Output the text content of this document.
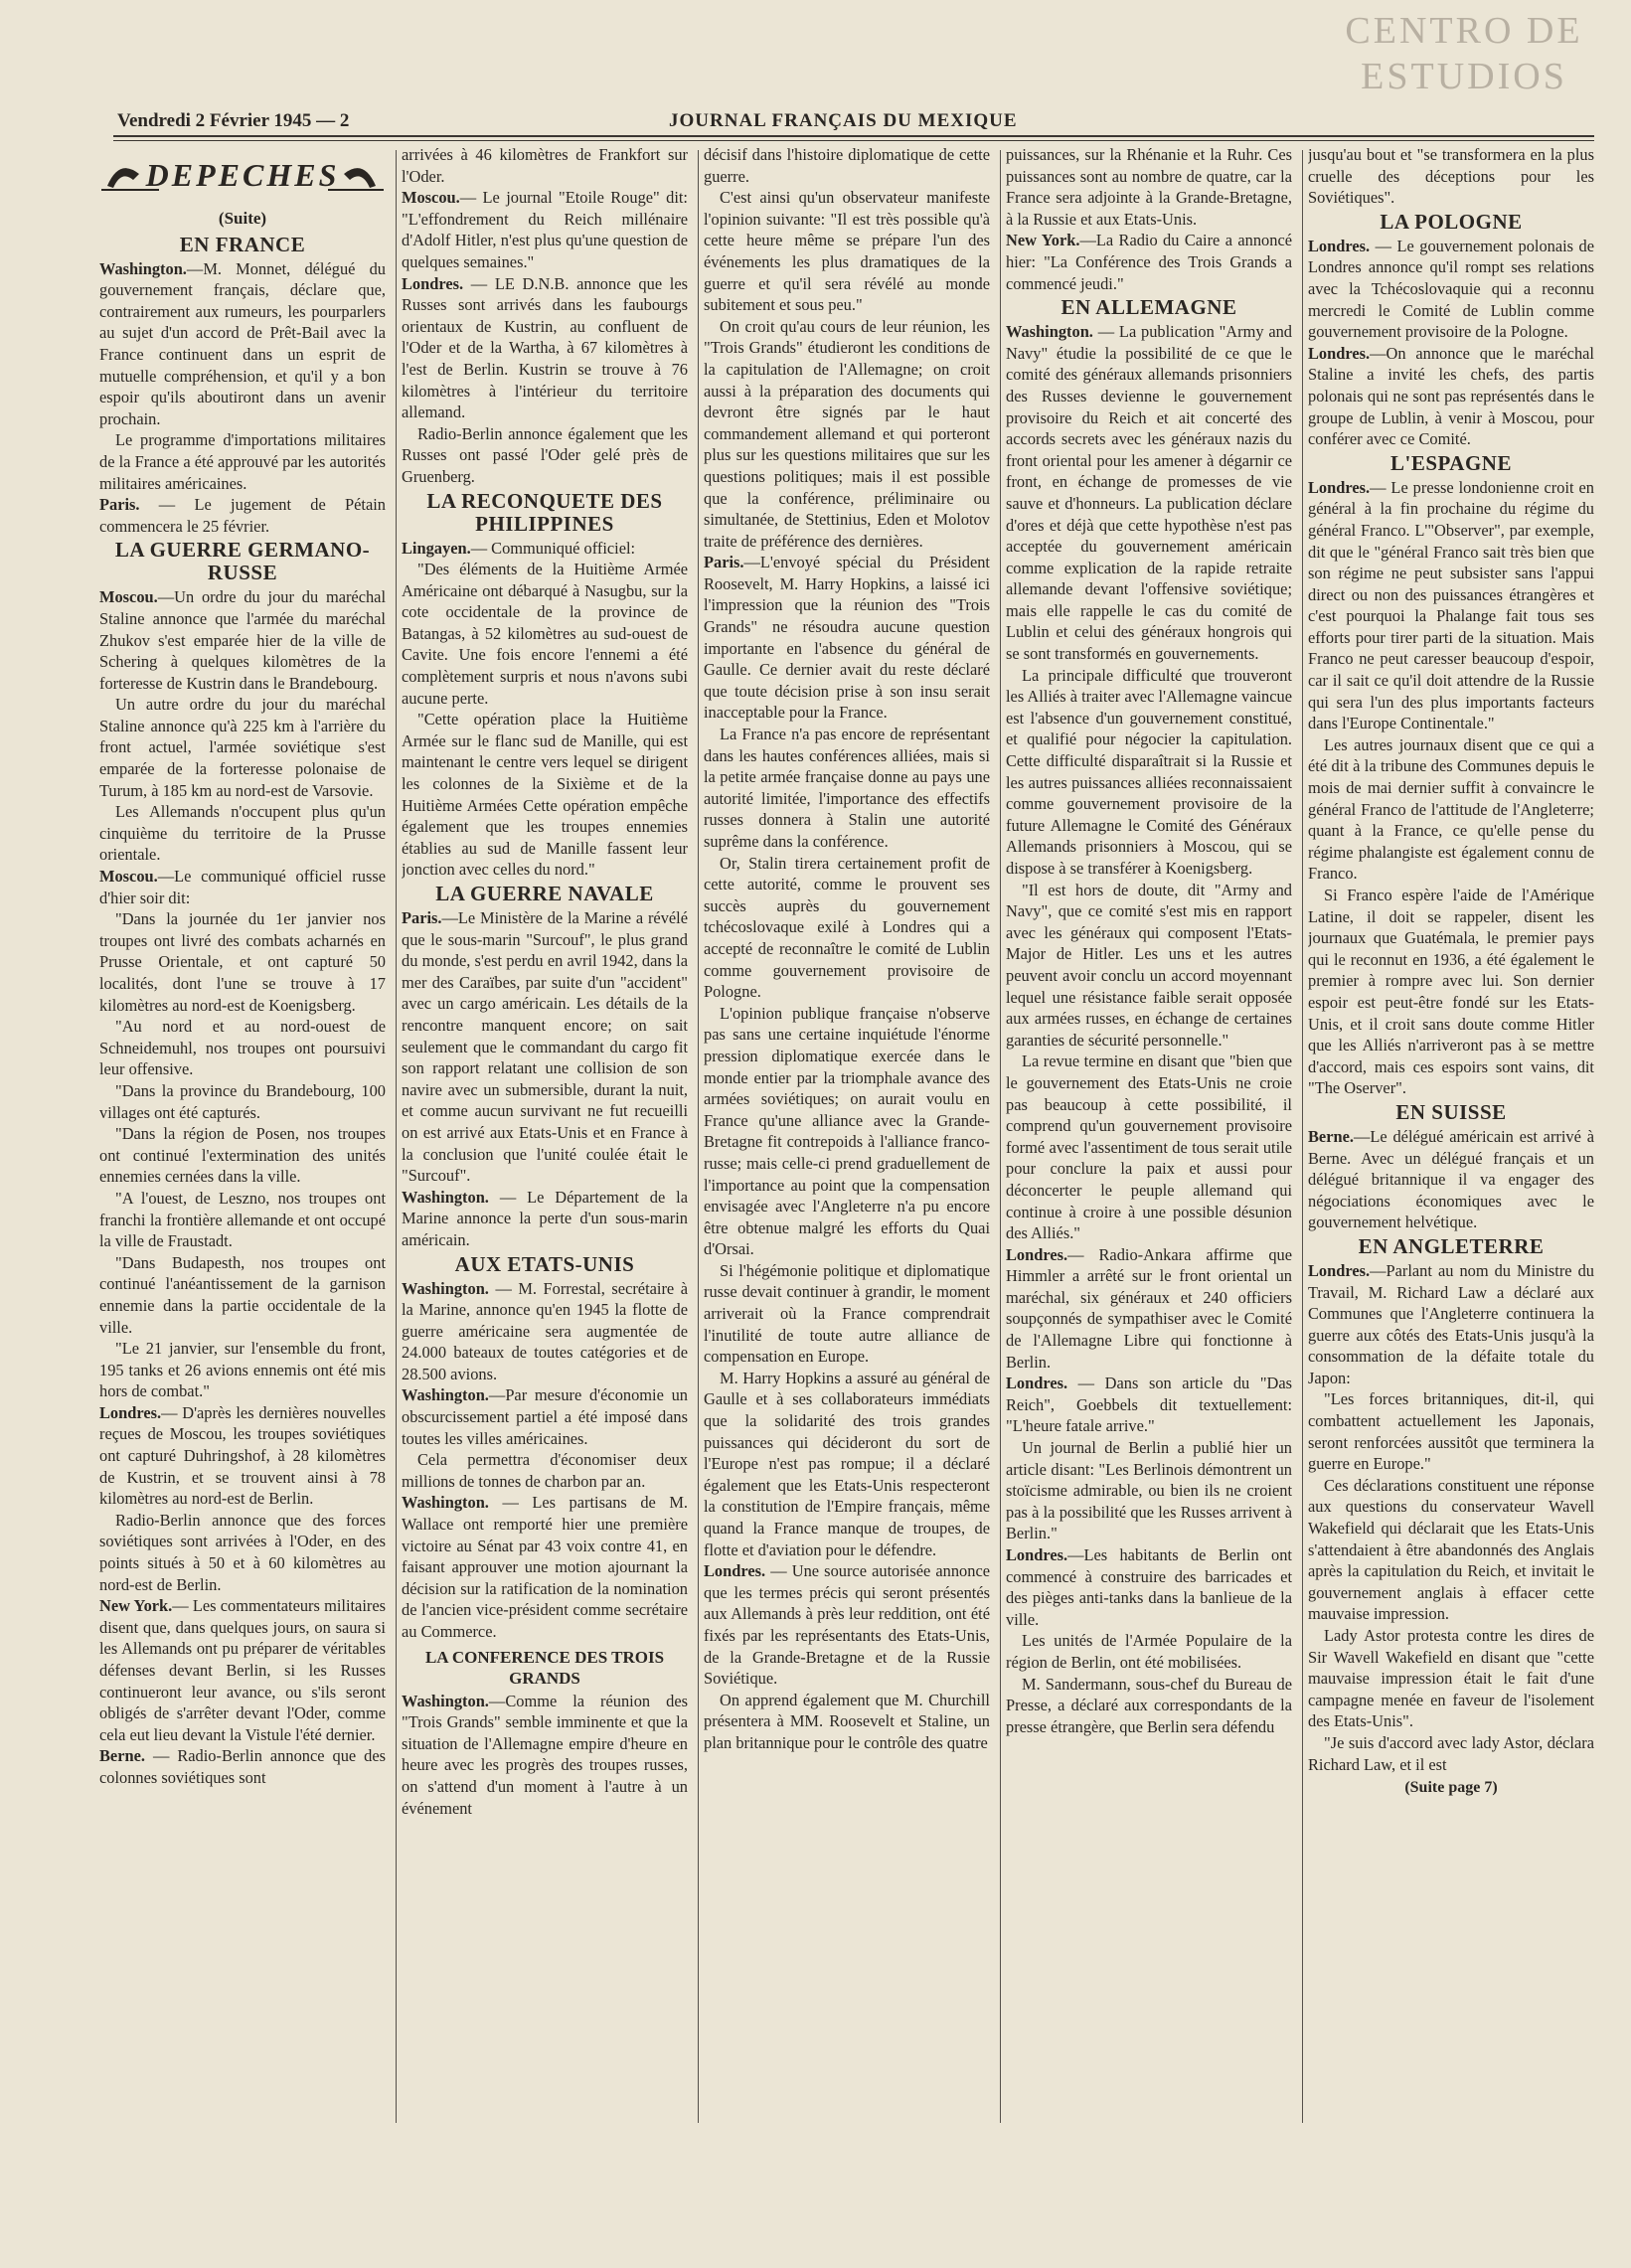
CENTRO DE
ESTUDIOS
Vendredi 2 Février 1945 — 2	JOURNAL FRANÇAIS DU MEXIQUE
DEPECHES
(Suite)
EN FRANCE

Washington.—M. Monnet, délégué du gouvernement français, déclare que, contrairement aux rumeurs, les pourparlers au sujet d'un accord de Prêt-Bail avec la France continuent dans un esprit de mutuelle compréhension, et qu'il y a bon espoir qu'ils aboutiront dans un avenir prochain.

Le programme d'importations militaires de la France a été approuvé par les autorités militaires américaines.

Paris. — Le jugement de Pétain commencera le 25 février.

LA GUERRE GERMANO-RUSSE

Moscou.—Un ordre du jour du maréchal Staline annonce que l'armée du maréchal Zhukov s'est emparée hier de la ville de Schering à quelques kilomètres de la forteresse de Kustrin dans le Brandebourg.

Un autre ordre du jour du maréchal Staline annonce qu'à 225 km à l'arrière du front actuel, l'armée soviétique s'est emparée de la forteresse polonaise de Turum, à 185 km au nord-est de Varsovie.

Les Allemands n'occupent plus qu'un cinquième du territoire de la Prusse orientale.

Moscou.—Le communiqué officiel russe d'hier soir dit:

"Dans la journée du 1er janvier nos troupes ont livré des combats acharnés en Prusse Orientale, et ont capturé 50 localités, dont l'une se trouve à 17 kilomètres au nord-est de Koenigsberg.

"Au nord et au nord-ouest de Schneidemuhl, nos troupes ont poursuivi leur offensive.

"Dans la province du Brandebourg, 100 villages ont été capturés.

"Dans la région de Posen, nos troupes ont continué l'extermination des unités ennemies cernées dans la ville.

"A l'ouest, de Leszno, nos troupes ont franchi la frontière allemande et ont occupé la ville de Fraustadt.

"Dans Budapesth, nos troupes ont continué l'anéantissement de la garnison ennemie dans la partie occidentale de la ville.

"Le 21 janvier, sur l'ensemble du front, 195 tanks et 26 avions ennemis ont été mis hors de combat."

Londres.— D'après les dernières nouvelles reçues de Moscou, les troupes soviétiques ont capturé Duhringshof, à 28 kilomètres de Kustrin, et se trouvent ainsi à 78 kilomètres au nord-est de Berlin.

Radio-Berlin annonce que des forces soviétiques sont arrivées à l'Oder, en des points situés à 50 et à 60 kilomètres au nord-est de Berlin.

New York.— Les commentateurs militaires disent que, dans quelques jours, on saura si les Allemands ont pu préparer de véritables défenses devant Berlin, si les Russes continueront leur avance, ou s'ils seront obligés de s'arrêter devant l'Oder, comme cela eut lieu devant la Vistule l'été dernier.

Berne. — Radio-Berlin annonce que des colonnes soviétiques sont

arrivées à 46 kilomètres de Frankfort sur l'Oder.

Moscou.— Le journal "Etoile Rouge" dit: "L'effondrement du Reich millénaire d'Adolf Hitler, n'est plus qu'une question de quelques semaines."

Londres. — LE D.N.B. annonce que les Russes sont arrivés dans les faubourgs orientaux de Kustrin, au confluent de l'Oder et de la Wartha, à 67 kilomètres à l'est de Berlin. Kustrin se trouve à 76 kilomètres à l'intérieur du territoire allemand.

Radio-Berlin annonce également que les Russes ont passé l'Oder gelé près de Gruenberg.

LA RECONQUETE DES PHILIPPINES

Lingayen.— Communiqué officiel:

"Des éléments de la Huitième Armée Américaine ont débarqué à Nasugbu, sur la cote occidentale de la province de Batangas, à 52 kilomètres au sud-ouest de Cavite. Une fois encore l'ennemi a été complètement surpris et nous n'avons subi aucune perte.

"Cette opération place la Huitième Armée sur le flanc sud de Manille, qui est maintenant le centre vers lequel se dirigent les colonnes de la Sixième et de la Huitième Armées Cette opération empêche également que les troupes ennemies établies au sud de Manille fassent leur jonction avec celles du nord."

LA GUERRE NAVALE

Paris.—Le Ministère de la Marine a révélé que le sous-marin "Surcouf", le plus grand du monde, s'est perdu en avril 1942, dans la mer des Caraïbes, par suite d'un "accident" avec un cargo américain. Les détails de la rencontre manquent encore; on sait seulement que le commandant du cargo fit son rapport relatant une collision de son navire avec un submersible, durant la nuit, et comme aucun survivant ne fut recueilli on est arrivé aux Etats-Unis et en France à la conclusion que l'unité coulée était le "Surcouf".

Washington. — Le Département de la Marine annonce la perte d'un sous-marin américain.

AUX ETATS-UNIS

Washington. — M. Forrestal, secrétaire à la Marine, annonce qu'en 1945 la flotte de guerre américaine sera augmentée de 24.000 bateaux de toutes catégories et de 28.500 avions.

Washington.—Par mesure d'économie un obscurcissement partiel a été imposé dans toutes les villes américaines.

Cela permettra d'économiser deux millions de tonnes de charbon par an.

Washington. — Les partisans de M. Wallace ont remporté hier une première victoire au Sénat par 43 voix contre 41, en faisant approuver une motion ajournant la décision sur la ratification de la nomination de l'ancien vice-président comme secrétaire au Commerce.

LA CONFERENCE DES TROIS GRANDS

Washington.—Comme la réunion des "Trois Grands" semble imminente et que la situation de l'Allemagne empire d'heure en heure avec les progrès des troupes russes, on s'attend d'un moment à l'autre à un événement

décisif dans l'histoire diplomatique de cette guerre.

C'est ainsi qu'un observateur manifeste l'opinion suivante: "Il est très possible qu'à cette heure même se prépare l'un des événements les plus dramatiques de la guerre et qu'il sera révélé au monde subitement et sous peu."

On croit qu'au cours de leur réunion, les "Trois Grands" étudieront les conditions de la capitulation de l'Allemagne; on croit aussi à la préparation des documents qui devront être signés par le haut commandement allemand et qui porteront plus sur les questions militaires que sur les questions politiques; mais il est possible que la conférence, préliminaire ou simultanée, de Stettinius, Eden et Molotov traite de préférence des dernières.

Paris.—L'envoyé spécial du Président Roosevelt, M. Harry Hopkins, a laissé ici l'impression que la réunion des "Trois Grands" ne résoudra aucune question importante en l'absence du général de Gaulle. Ce dernier avait du reste déclaré que toute décision prise à son insu serait inacceptable pour la France.

La France n'a pas encore de représentant dans les hautes conférences alliées, mais si la petite armée française donne au pays une autorité limitée, l'importance des effectifs russes donnera à Stalin une autorité suprême dans la conférence.

Or, Stalin tirera certainement profit de cette autorité, comme le prouvent ses succès auprès du gouvernement tchécoslovaque exilé à Londres qui a accepté de reconnaître le comité de Lublin comme gouvernement provisoire de Pologne.

L'opinion publique française n'observe pas sans une certaine inquiétude l'énorme pression diplomatique exercée dans le monde entier par la triomphale avance des armées soviétiques; on aurait voulu en France qu'une alliance avec la Grande-Bretagne fit contrepoids à l'alliance franco-russe; mais celle-ci prend graduellement de l'importance au point que la compensation envisagée avec l'Angleterre n'a pu encore être obtenue malgré les efforts du Quai d'Orsai.

Si l'hégémonie politique et diplomatique russe devait continuer à grandir, le moment arriverait où la France comprendrait l'inutilité de toute autre alliance de compensation en Europe.

M. Harry Hopkins a assuré au général de Gaulle et à ses collaborateurs immédiats que la solidarité des trois grandes puissances qui décideront du sort de l'Europe n'est pas rompue; il a déclaré également que les Etats-Unis respecteront la constitution de l'Empire français, même quand la France manque de troupes, de flotte et d'aviation pour le défendre.

Londres. — Une source autorisée annonce que les termes précis qui seront présentés aux Allemands à près leur reddition, ont été fixés par les représentants des Etats-Unis, de la Grande-Bretagne et de la Russie Soviétique.

On apprend également que M. Churchill présentera à MM. Roosevelt et Staline, un plan britannique pour le contrôle des quatre

puissances, sur la Rhénanie et la Ruhr. Ces puissances sont au nombre de quatre, car la France sera adjointe à la Grande-Bretagne, à la Russie et aux Etats-Unis.

New York.—La Radio du Caire a annoncé hier: "La Conférence des Trois Grands a commencé jeudi."

EN ALLEMAGNE

Washington. — La publication "Army and Navy" étudie la possibilité de ce que le comité des généraux allemands prisonniers des Russes devienne le gouvernement provisoire du Reich et ait concerté des accords secrets avec les généraux nazis du front oriental pour les amener à dégarnir ce front, en échange de promesses de vie sauve et d'honneurs. La publication déclare d'ores et déjà que cette hypothèse n'est pas acceptée du gouvernement américain comme explication de la rapide retraite allemande devant l'offensive soviétique; mais elle rappelle le cas du comité de Lublin et celui des généraux hongrois qui se sont transformés en gouvernements.

La principale difficulté que trouveront les Alliés à traiter avec l'Allemagne vaincue est l'absence d'un gouvernement constitué, et qualifié pour négocier la capitulation. Cette difficulté disparaîtrait si la Russie et les autres puissances alliées reconnaissaient comme gouvernement provisoire de la future Allemagne le Comité des Généraux Allemands prisonniers à Moscou, qui se dispose à se transférer à Koenigsberg.

"Il est hors de doute, dit "Army and Navy", que ce comité s'est mis en rapport avec les généraux qui composent l'Etats-Major de Hitler. Les uns et les autres peuvent avoir conclu un accord moyennant lequel une résistance faible serait opposée aux armées russes, en échange de certaines garanties de sécurité personnelle."

La revue termine en disant que "bien que le gouvernement des Etats-Unis ne croie pas beaucoup à cette possibilité, il comprend qu'un gouvernement provisoire formé avec l'assentiment de tous serait utile pour conclure la paix et aussi pour déconcerter le peuple allemand qui continue à croire à une possible désunion des Alliés."

Londres.— Radio-Ankara affirme que Himmler a arrêté sur le front oriental un maréchal, six généraux et 240 officiers soupçonnés de sympathiser avec le Comité de l'Allemagne Libre qui fonctionne à Berlin.

Londres. — Dans son article du "Das Reich", Goebbels dit textuellement: "L'heure fatale arrive."

Un journal de Berlin a publié hier un article disant: "Les Berlinois démontrent un stoïcisme admirable, ou bien ils ne croient pas à la possibilité que les Russes arrivent à Berlin."

Londres.—Les habitants de Berlin ont commencé à construire des barricades et des pièges anti-tanks dans la banlieue de la ville.

Les unités de l'Armée Populaire de la région de Berlin, ont été mobilisées.

M. Sandermann, sous-chef du Bureau de Presse, a déclaré aux correspondants de la presse étrangère, que Berlin sera défendu

jusqu'au bout et "se transformera en la plus cruelle des déceptions pour les Soviétiques".

LA POLOGNE

Londres. — Le gouvernement polonais de Londres annonce qu'il rompt ses relations avec la Tchécoslovaquie qui a reconnu mercredi le Comité de Lublin comme gouvernement provisoire de la Pologne.

Londres.—On annonce que le maréchal Staline a invité les chefs, des partis polonais qui ne sont pas représentés dans le groupe de Lublin, à venir à Moscou, pour conférer avec ce Comité.

L'ESPAGNE

Londres.— Le presse londonienne croit en général à la fin prochaine du régime du général Franco. L'"Observer", par exemple, dit que le "général Franco sait très bien que son régime ne peut subsister sans l'appui direct ou non des puissances étrangères et c'est pourquoi la Phalange fait tous ses efforts pour tirer parti de la situation. Mais Franco ne peut caresser beaucoup d'espoir, car il sait ce qu'il doit attendre de la Russie qui sera l'un des plus importants facteurs dans l'Europe Continentale."

Les autres journaux disent que ce qui a été dit à la tribune des Communes depuis le mois de mai dernier suffit à convaincre le général Franco de l'attitude de l'Angleterre; quant à la France, ce qu'elle pense du régime phalangiste est également connu de Franco.

Si Franco espère l'aide de l'Amérique Latine, il doit se rappeler, disent les journaux que Guatémala, le premier pays qui le reconnut en 1936, a été également le premier à rompre avec lui. Son dernier espoir est peut-être fondé sur les Etats-Unis, et il croit sans doute comme Hitler que les Alliés n'arriveront pas à se mettre d'accord, mais ces espoirs sont vains, dit "The Oserver".

EN SUISSE

Berne.—Le délégué américain est arrivé à Berne. Avec un délégué français et un délégué britannique il va engager des négociations économiques avec le gouvernement helvétique.

EN ANGLETERRE

Londres.—Parlant au nom du Ministre du Travail, M. Richard Law a déclaré aux Communes que l'Angleterre continuera la guerre aux côtés des Etats-Unis jusqu'à la consommation de la défaite totale du Japon:

"Les forces britanniques, dit-il, qui combattent actuellement les Japonais, seront renforcées aussitôt que terminera la guerre en Europe."

Ces déclarations constituent une réponse aux questions du conservateur Wavell Wakefield qui déclarait que les Etats-Unis s'attendaient à être abandonnés des Anglais après la capitulation du Reich, et invitait le gouvernement anglais à effacer cette mauvaise impression.

Lady Astor protesta contre les dires de Sir Wavell Wakefield en disant que "cette mauvaise impression était le fait d'une campagne menée en faveur de l'isolement des Etats-Unis".

"Je suis d'accord avec lady Astor, déclara Richard Law, et il est

(Suite page 7)
